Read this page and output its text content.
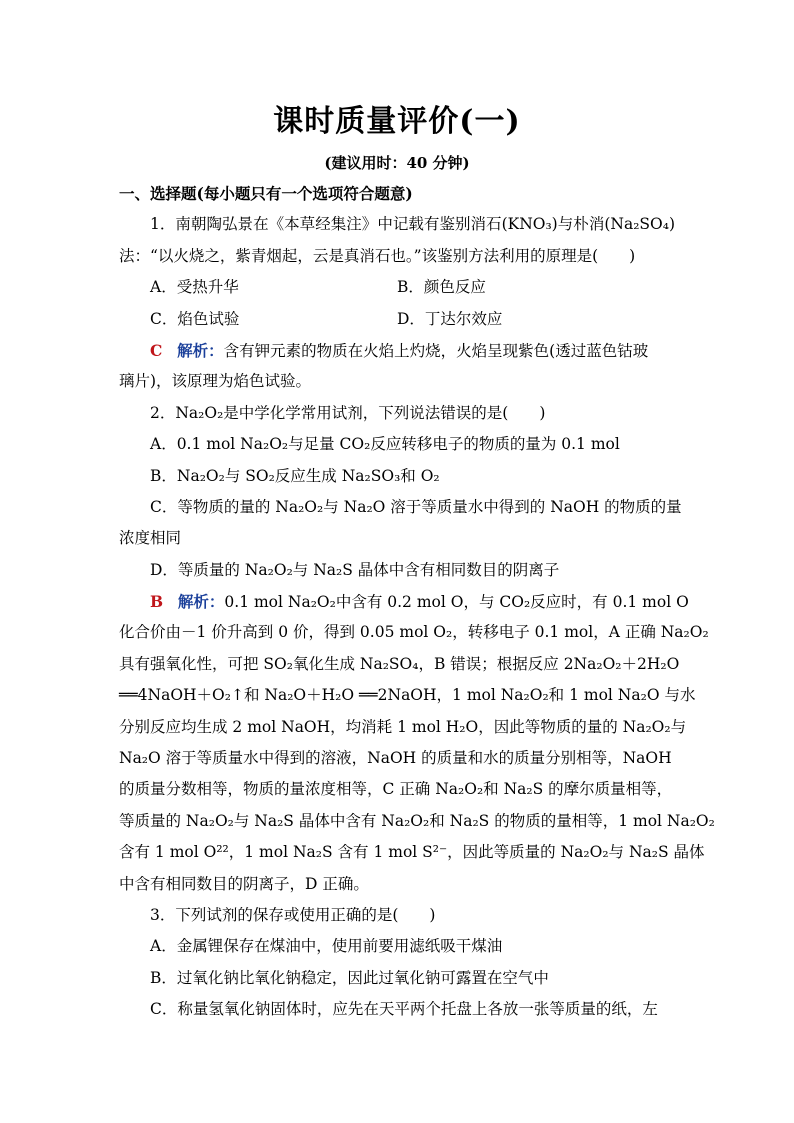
课时质量评价(一)
(建议用时：40 分钟)
一、选择题(每小题只有一个选项符合题意)
1．南朝陶弘景在《本草经集注》中记载有鉴别消石(KNO₃)与朴消(Na₂SO₄)
法：“以火烧之，紫青烟起，云是真消石也。”该鉴别方法利用的原理是(　　)
A．受热升华	B．颜色反应
C．焰色试验	D．丁达尔效应
C 解析：含有钾元素的物质在火焰上灼烧，火焰呈现紫色(透过蓝色钴玻
璃片)，该原理为焰色试验。
2．Na₂O₂是中学化学常用试剂，下列说法错误的是(　　)
A．0.1 mol Na₂O₂与足量 CO₂反应转移电子的物质的量为 0.1 mol
B．Na₂O₂与 SO₂反应生成 Na₂SO₃和 O₂
C．等物质的量的 Na₂O₂与 Na₂O 溶于等质量水中得到的 NaOH 的物质的量
浓度相同
D．等质量的 Na₂O₂与 Na₂S 晶体中含有相同数目的阴离子
B 解析：0.1 mol Na₂O₂中含有 0.2 mol O，与 CO₂反应时，有 0.1 mol O
化合价由－1 价升高到 0 价，得到 0.05 mol O₂，转移电子 0.1 mol，A 正确 Na₂O₂
具有强氧化性，可把 SO₂氧化生成 Na₂SO₄，B 错误；根据反应 2Na₂O₂＋2H₂O
══4NaOH＋O₂↑和 Na₂O＋H₂O ══2NaOH，1 mol Na₂O₂和 1 mol Na₂O 与水
分别反应均生成 2 mol NaOH，均消耗 1 mol H₂O，因此等物质的量的 Na₂O₂与
Na₂O 溶于等质量水中得到的溶液，NaOH 的质量和水的质量分别相等，NaOH
的质量分数相等，物质的量浓度相等，C 正确 Na₂O₂和 Na₂S 的摩尔质量相等，
等质量的 Na₂O₂与 Na₂S 晶体中含有 Na₂O₂和 Na₂S 的物质的量相等，1 mol Na₂O₂
含有 1 mol O²²，1 mol Na₂S 含有 1 mol S²⁻，因此等质量的 Na₂O₂与 Na₂S 晶体
中含有相同数目的阴离子，D 正确。
3．下列试剂的保存或使用正确的是(　　)
A．金属锂保存在煤油中，使用前要用滤纸吸干煤油
B．过氧化钠比氧化钠稳定，因此过氧化钠可露置在空气中
C．称量氢氧化钠固体时，应先在天平两个托盘上各放一张等质量的纸，左
